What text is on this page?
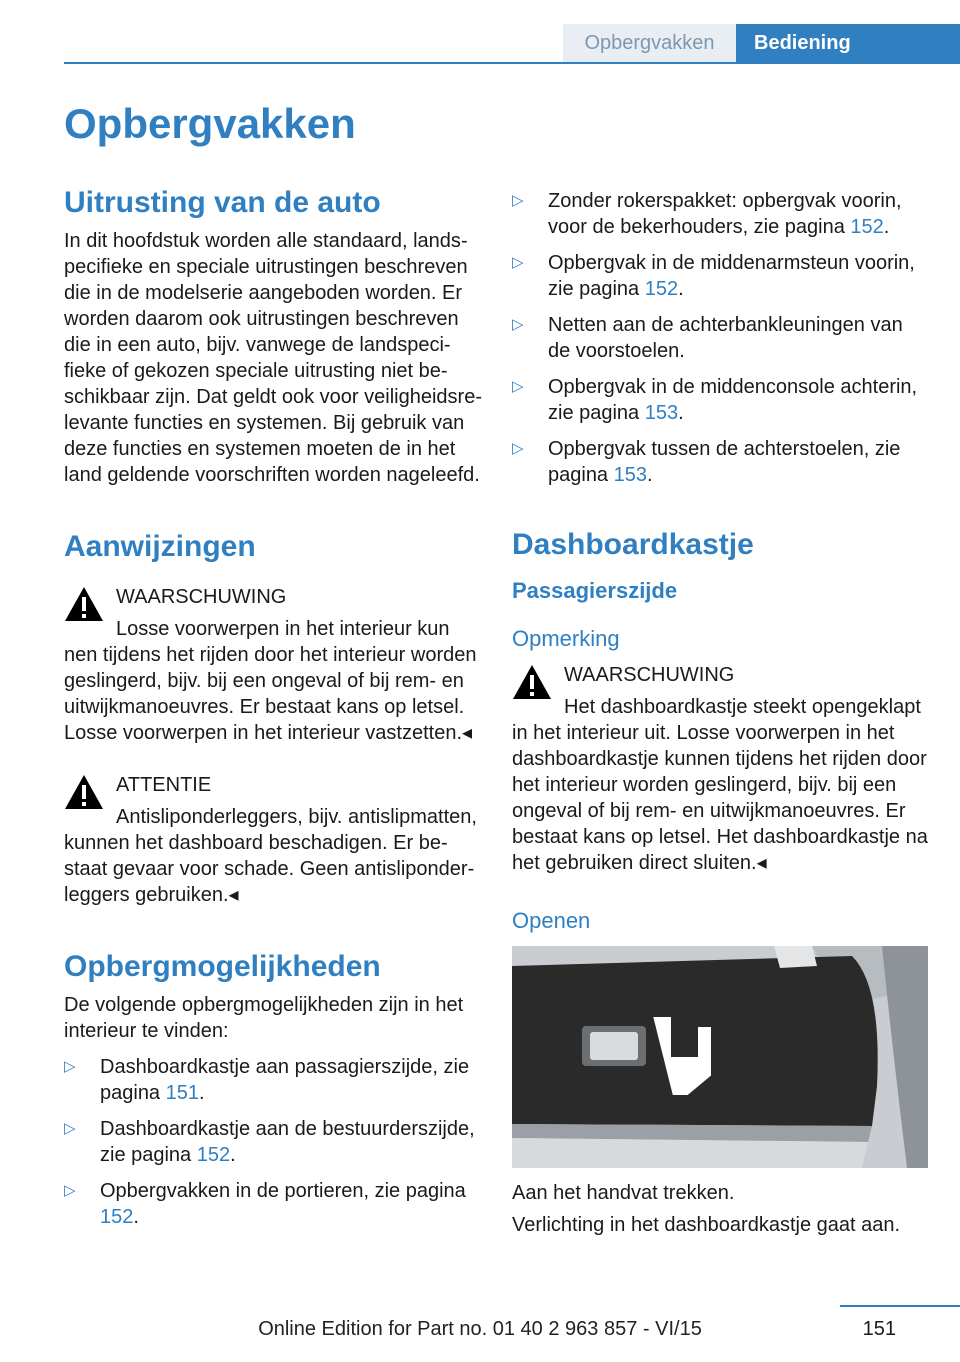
Opbergvakken	Bediening
Opbergvakken
Uitrusting van de auto

In dit hoofdstuk worden alle standaard, landspecifieke en speciale uitrustingen beschreven die in de modelserie aangeboden worden. Er worden daarom ook uitrustingen beschreven die in een auto, bijv. vanwege de landspecifieke of gekozen speciale uitrusting niet beschikbaar zijn. Dat geldt ook voor veiligheidsrelevante functies en systemen. Bij gebruik van deze functies en systemen moeten de in het land geldende voorschriften worden nageleefd.

Aanwijzingen
WAARSCHUWING
Losse voorwerpen in het interieur kun
nen tijdens het rijden door het interieur worden geslingerd, bijv. bij een ongeval of bij rem- en uitwijkmanoeuvres. Er bestaat kans op letsel. Losse voorwerpen in het interieur vastzetten.◂
ATTENTIE
Antisliponderleggers, bijv. antislipmatten,
kunnen het dashboard beschadigen. Er bestaat gevaar voor schade. Geen antisliponderleggers gebruiken.◂
Opbergmogelijkheden

De volgende opbergmogelijkheden zijn in het interieur te vinden:

▷ Dashboardkastje aan passagierszijde, zie pagina 151.
▷ Dashboardkastje aan de bestuurderszijde, zie pagina 152.
▷ Opbergvakken in de portieren, zie pagina 152.
▷ Zonder rokerspakket: opbergvak voorin, voor de bekerhouders, zie pagina 152.
▷ Opbergvak in de middenarmsteun voorin, zie pagina 152.
▷ Netten aan de achterbankleuningen van de voorstoelen.
▷ Opbergvak in de middenconsole achterin, zie pagina 153.
▷ Opbergvak tussen de achterstoelen, zie pagina 153.
Dashboardkastje
Passagierszijde
Opmerking
WAARSCHUWING
Het dashboardkastje steekt opengeklapt
in het interieur uit. Losse voorwerpen in het dashboardkastje kunnen tijdens het rijden door het interieur worden geslingerd, bijv. bij een ongeval of bij rem- en uitwijkmanoeuvres. Er bestaat kans op letsel. Het dashboardkastje na het gebruiken direct sluiten.◂
Openen

Aan het handvat trekken.

Verlichting in het dashboardkastje gaat aan.

151
Online Edition for Part no. 01 40 2 963 857 - VI/15
